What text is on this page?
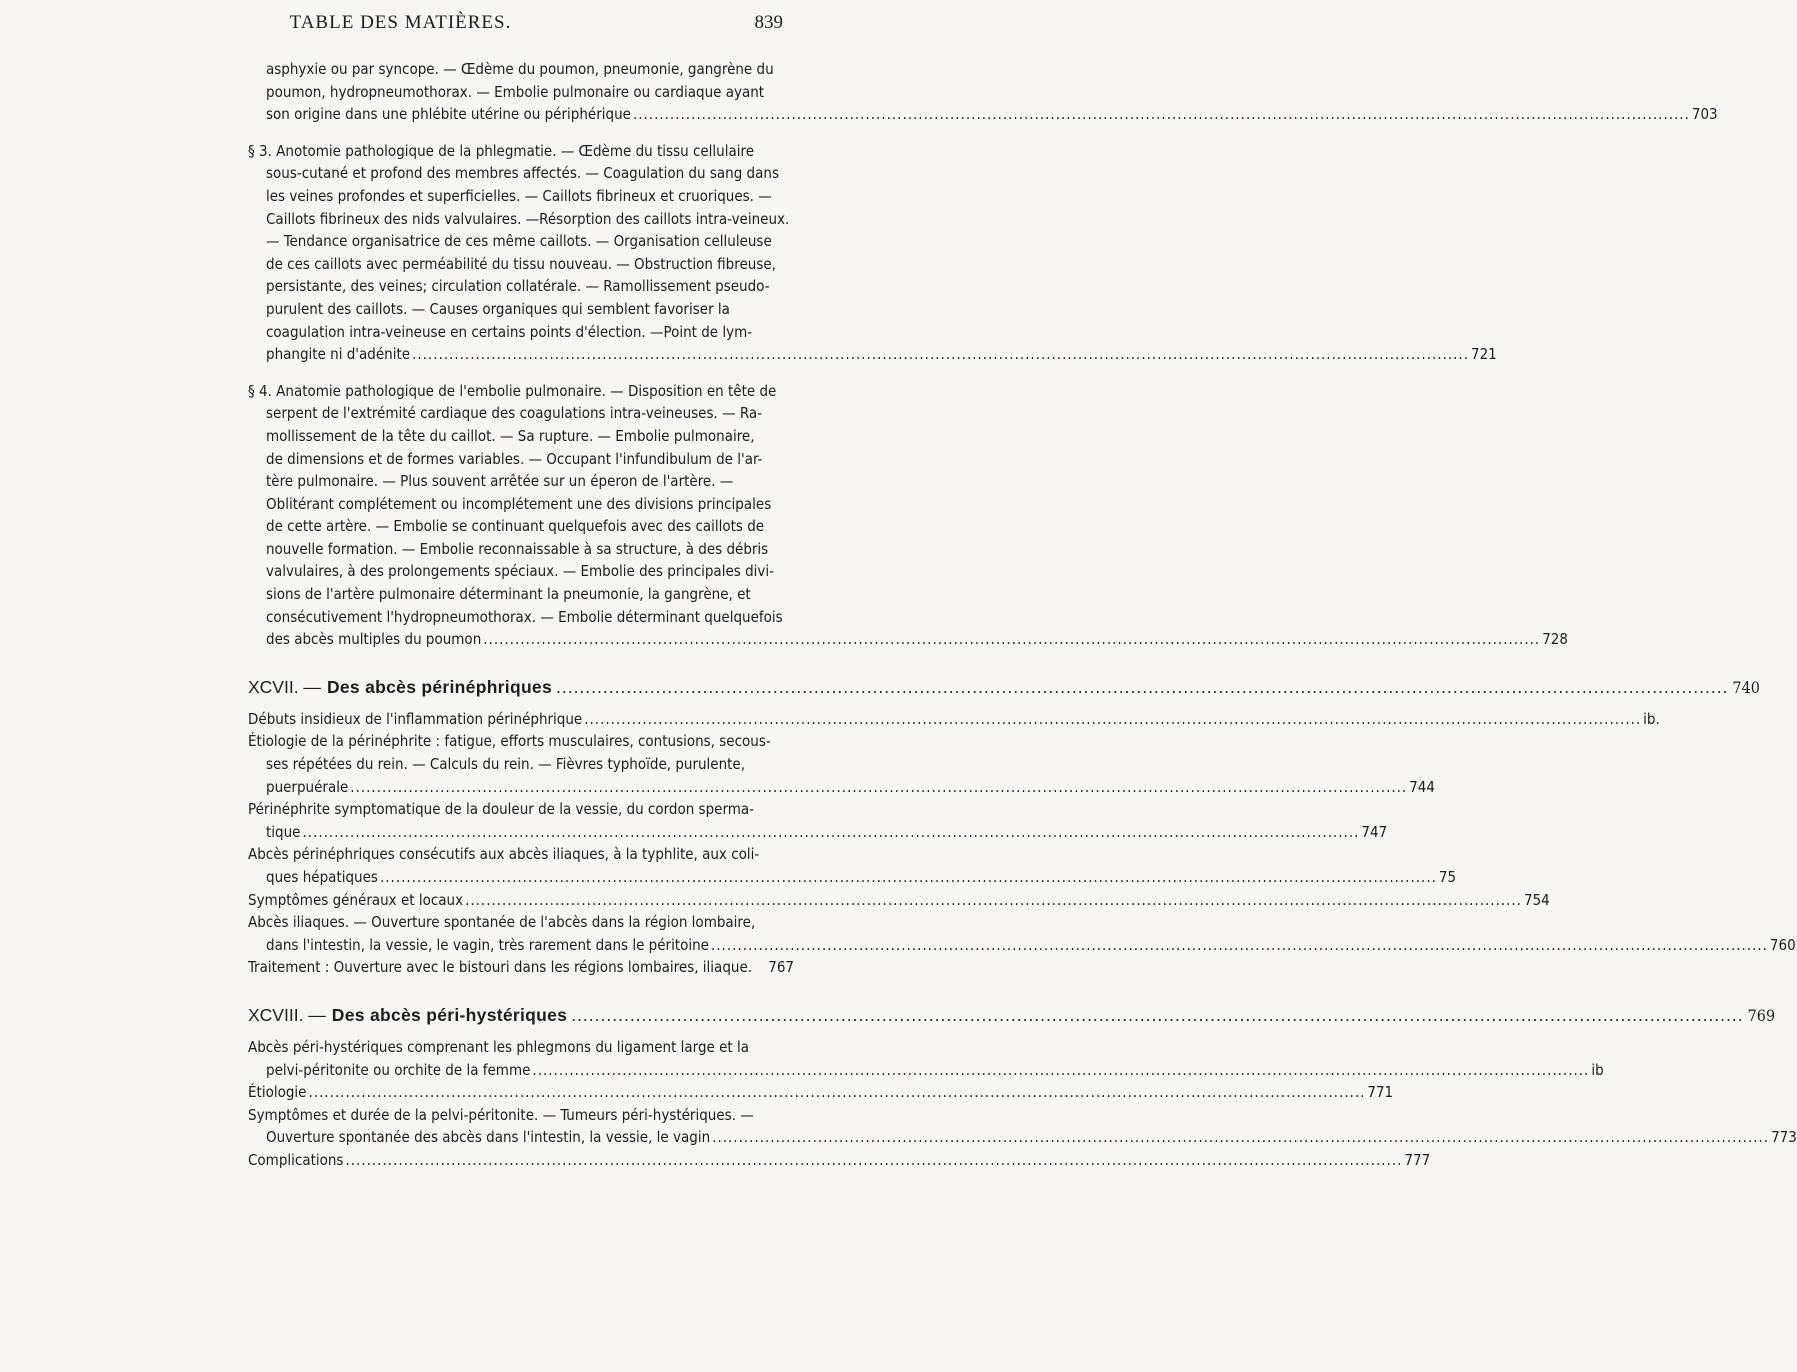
TABLE DES MATIÈRES.	839
asphyxie ou par syncope. — Œdème du poumon, pneumonie, gangrène du
poumon, hydropneumothorax. — Embolie pulmonaire ou cardiaque ayant
son origine dans une phlébite utérine ou périphérique ........................................................................................................................................................................................................ 703
§ 3. Anotomie pathologique de la phlegmatie. — Œdème du tissu cellulaire
sous-cutané et profond des membres affectés. — Coagulation du sang dans
les veines profondes et superficielles. — Caillots fibrineux et cruoriques. —
Caillots fibrineux des nids valvulaires. —Résorption des caillots intra-veineux.
— Tendance organisatrice de ces même caillots. — Organisation celluleuse
de ces caillots avec perméabilité du tissu nouveau. — Obstruction fibreuse,
persistante, des veines; circulation collatérale. — Ramollissement pseudo-
purulent des caillots. — Causes organiques qui semblent favoriser la
coagulation intra-veineuse en certains points d'élection. —Point de lym-
phangite ni d'adénite ........................................................................................................................................................................................................ 721
§ 4. Anatomie pathologique de l'embolie pulmonaire. — Disposition en tête de
serpent de l'extrémité cardiaque des coagulations intra-veineuses. — Ra-
mollissement de la tête du caillot. — Sa rupture. — Embolie pulmonaire,
de dimensions et de formes variables. — Occupant l'infundibulum de l'ar-
tère pulmonaire. — Plus souvent arrêtée sur un éperon de l'artère. —
Oblitérant complétement ou incomplétement une des divisions principales
de cette artère. — Embolie se continuant quelquefois avec des caillots de
nouvelle formation. — Embolie reconnaissable à sa structure, à des débris
valvulaires, à des prolongements spéciaux. — Embolie des principales divi-
sions de l'artère pulmonaire déterminant la pneumonie, la gangrène, et
consécutivement l'hydropneumothorax. — Embolie déterminant quelquefois
des abcès multiples du poumon ........................................................................................................................................................................................................ 728
XCVII. — Des abcès périnéphriques ........................................................................................................................................................................................................ 740
Débuts insidieux de l'inflammation périnéphrique ........................................................................................................................................................................................................ ib.
Étiologie de la périnéphrite : fatigue, efforts musculaires, contusions, secous-
ses répétées du rein. — Calculs du rein. — Fièvres typhoïde, purulente,
puerpuérale ........................................................................................................................................................................................................ 744
Périnéphrite symptomatique de la douleur de la vessie, du cordon sperma-
tique ........................................................................................................................................................................................................ 747
Abcès périnéphriques consécutifs aux abcès iliaques, à la typhlite, aux coli-
ques hépatiques ........................................................................................................................................................................................................ 75
Symptômes généraux et locaux ........................................................................................................................................................................................................ 754
Abcès iliaques. — Ouverture spontanée de l'abcès dans la région lombaire,
dans l'intestin, la vessie, le vagin, très rarement dans le péritoine ........................................................................................................................................................................................................ 760
Traitement : Ouverture avec le bistouri dans les régions lombaires, iliaque. 767
XCVIII. — Des abcès péri-hystériques ........................................................................................................................................................................................................ 769
Abcès péri-hystériques comprenant les phlegmons du ligament large et la
pelvi-péritonite ou orchite de la femme ........................................................................................................................................................................................................ ib
Étiologie ........................................................................................................................................................................................................ 771
Symptômes et durée de la pelvi-péritonite. — Tumeurs péri-hystériques. —
Ouverture spontanée des abcès dans l'intestin, la vessie, le vagin ........................................................................................................................................................................................................ 773
Complications ........................................................................................................................................................................................................ 777
